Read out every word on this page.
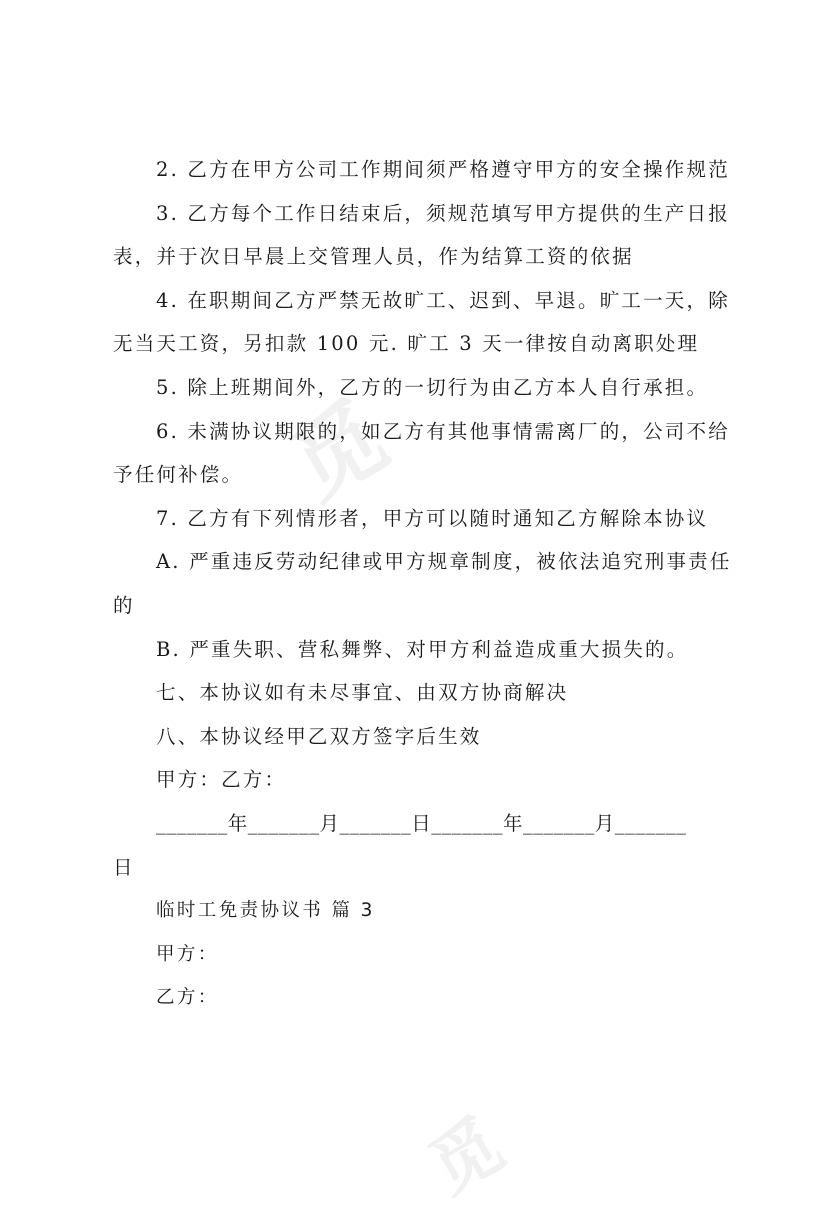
觅
觅
2. 乙方在甲方公司工作期间须严格遵守甲方的安全操作规范
3. 乙方每个工作日结束后，须规范填写甲方提供的生产日报
表，并于次日早晨上交管理人员，作为结算工资的依据
4. 在职期间乙方严禁无故旷工、迟到、早退。旷工一天，除
无当天工资，另扣款 100 元. 旷工 3 天一律按自动离职处理
5. 除上班期间外，乙方的一切行为由乙方本人自行承担。
6. 未满协议期限的，如乙方有其他事情需离厂的，公司不给
予任何补偿。
7. 乙方有下列情形者，甲方可以随时通知乙方解除本协议
A. 严重违反劳动纪律或甲方规章制度，被依法追究刑事责任
的
B. 严重失职、营私舞弊、对甲方利益造成重大损失的。
七、本协议如有未尽事宜、由双方协商解决
八、本协议经甲乙双方签字后生效
甲方：乙方：
_______年_______月_______日_______年_______月_______
日
临时工免责协议书 篇 3
甲方：
乙方：
